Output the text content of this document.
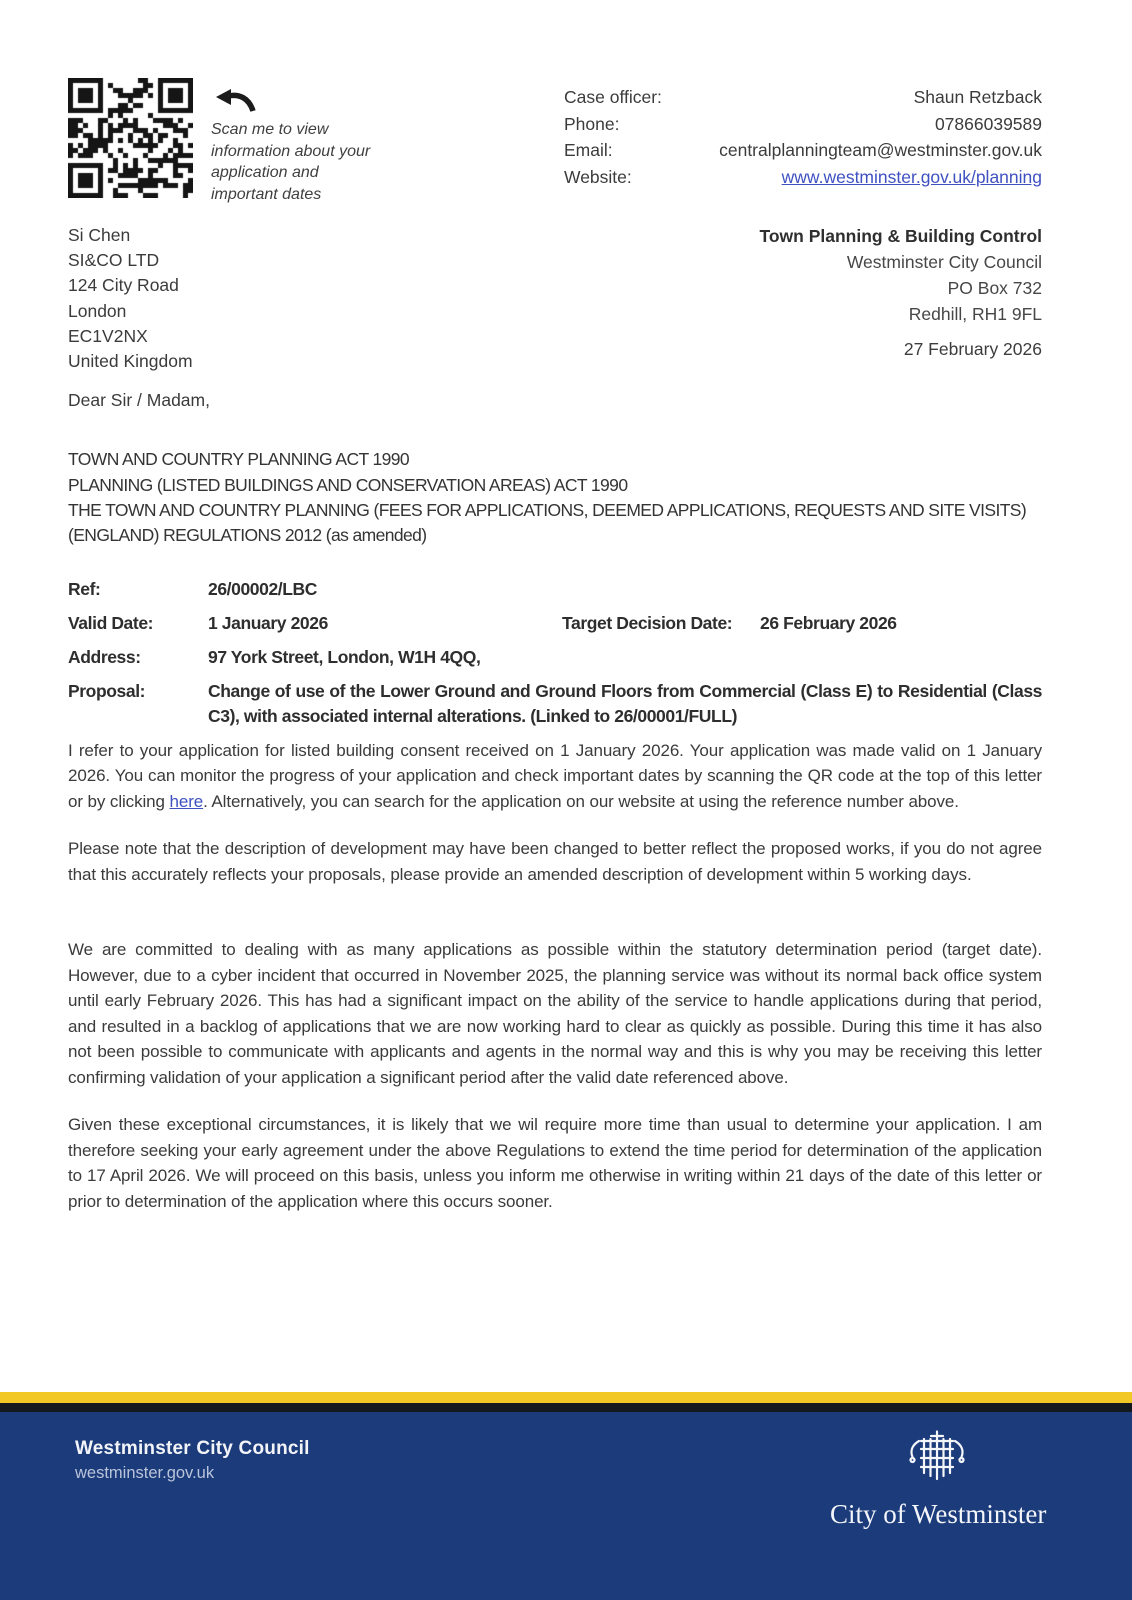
Scan me to view information about your application and important dates

Case officer:	Shaun Retzback
Phone:	07866039589
Email:	centralplanningteam@westminster.gov.uk
Website:	www.westminster.gov.uk/planning
Si Chen
SI&CO LTD
124 City Road
London
EC1V2NX
United Kingdom
Town Planning & Building Control
Westminster City Council
PO Box 732
Redhill, RH1 9FL
27 February 2026

Dear Sir / Madam,

TOWN AND COUNTRY PLANNING ACT 1990
PLANNING (LISTED BUILDINGS AND CONSERVATION AREAS) ACT 1990
THE TOWN AND COUNTRY PLANNING (FEES FOR APPLICATIONS, DEEMED APPLICATIONS, REQUESTS AND SITE VISITS)
(ENGLAND) REGULATIONS 2012 (as amended)
Ref:	26/00002/LBC
Valid Date:	1 January 2026	Target Decision Date:	26 February 2026
Address:	97 York Street, London, W1H 4QQ,
Proposal:	Change of use of the Lower Ground and Ground Floors from Commercial (Class E) to Residential (Class C3), with associated internal alterations. (Linked to 26/00001/FULL)

I refer to your application for listed building consent received on 1 January 2026. Your application was made valid on 1 January 2026. You can monitor the progress of your application and check important dates by scanning the QR code at the top of this letter or by clicking here. Alternatively, you can search for the application on our website at using the reference number above.

Please note that the description of development may have been changed to better reflect the proposed works, if you do not agree that this accurately reflects your proposals, please provide an amended description of development within 5 working days.

We are committed to dealing with as many applications as possible within the statutory determination period (target date). However, due to a cyber incident that occurred in November 2025, the planning service was without its normal back office system until early February 2026. This has had a significant impact on the ability of the service to handle applications during that period, and resulted in a backlog of applications that we are now working hard to clear as quickly as possible. During this time it has also not been possible to communicate with applicants and agents in the normal way and this is why you may be receiving this letter confirming validation of your application a significant period after the valid date referenced above.

Given these exceptional circumstances, it is likely that we wil require more time than usual to determine your application. I am therefore seeking your early agreement under the above Regulations to extend the time period for determination of the application to 17 April 2026. We will proceed on this basis, unless you inform me otherwise in writing within 21 days of the date of this letter or prior to determination of the application where this occurs sooner.

Westminster City Council
westminster.gov.uk
City of Westminster
